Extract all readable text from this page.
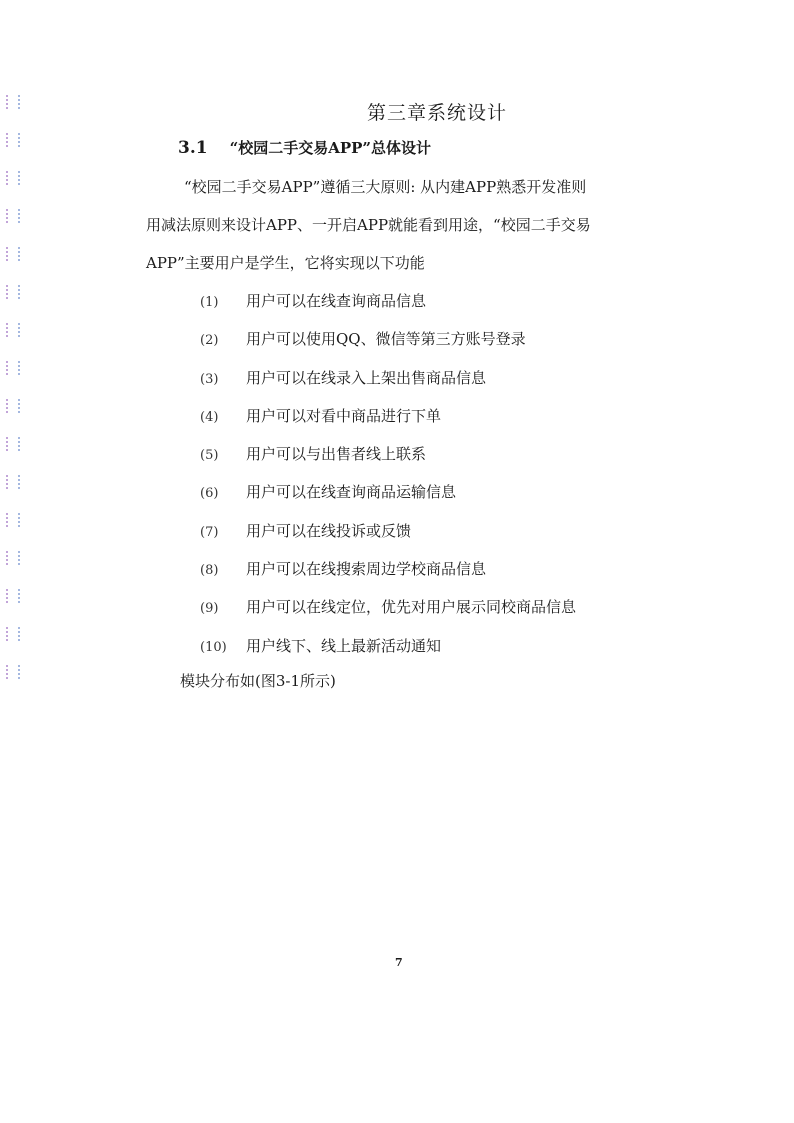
第三章系统设计
3.1 “校园二手交易APP”总体设计
“校园二手交易APP”遵循三大原则: 从内建APP熟悉开发准则
用减法原则来设计APP、一开启APP就能看到用途，“校园二手交易
APP”主要用户是学生，它将实现以下功能
(1) 用户可以在线查询商品信息
(2) 用户可以使用QQ、微信等第三方账号登录
(3) 用户可以在线录入上架出售商品信息
(4) 用户可以对看中商品进行下单
(5) 用户可以与出售者线上联系
(6) 用户可以在线查询商品运输信息
(7) 用户可以在线投诉或反馈
(8) 用户可以在线搜索周边学校商品信息
(9) 用户可以在线定位，优先对用户展示同校商品信息
(10) 用户线下、线上最新活动通知
模块分布如(图3-1所示)
7
